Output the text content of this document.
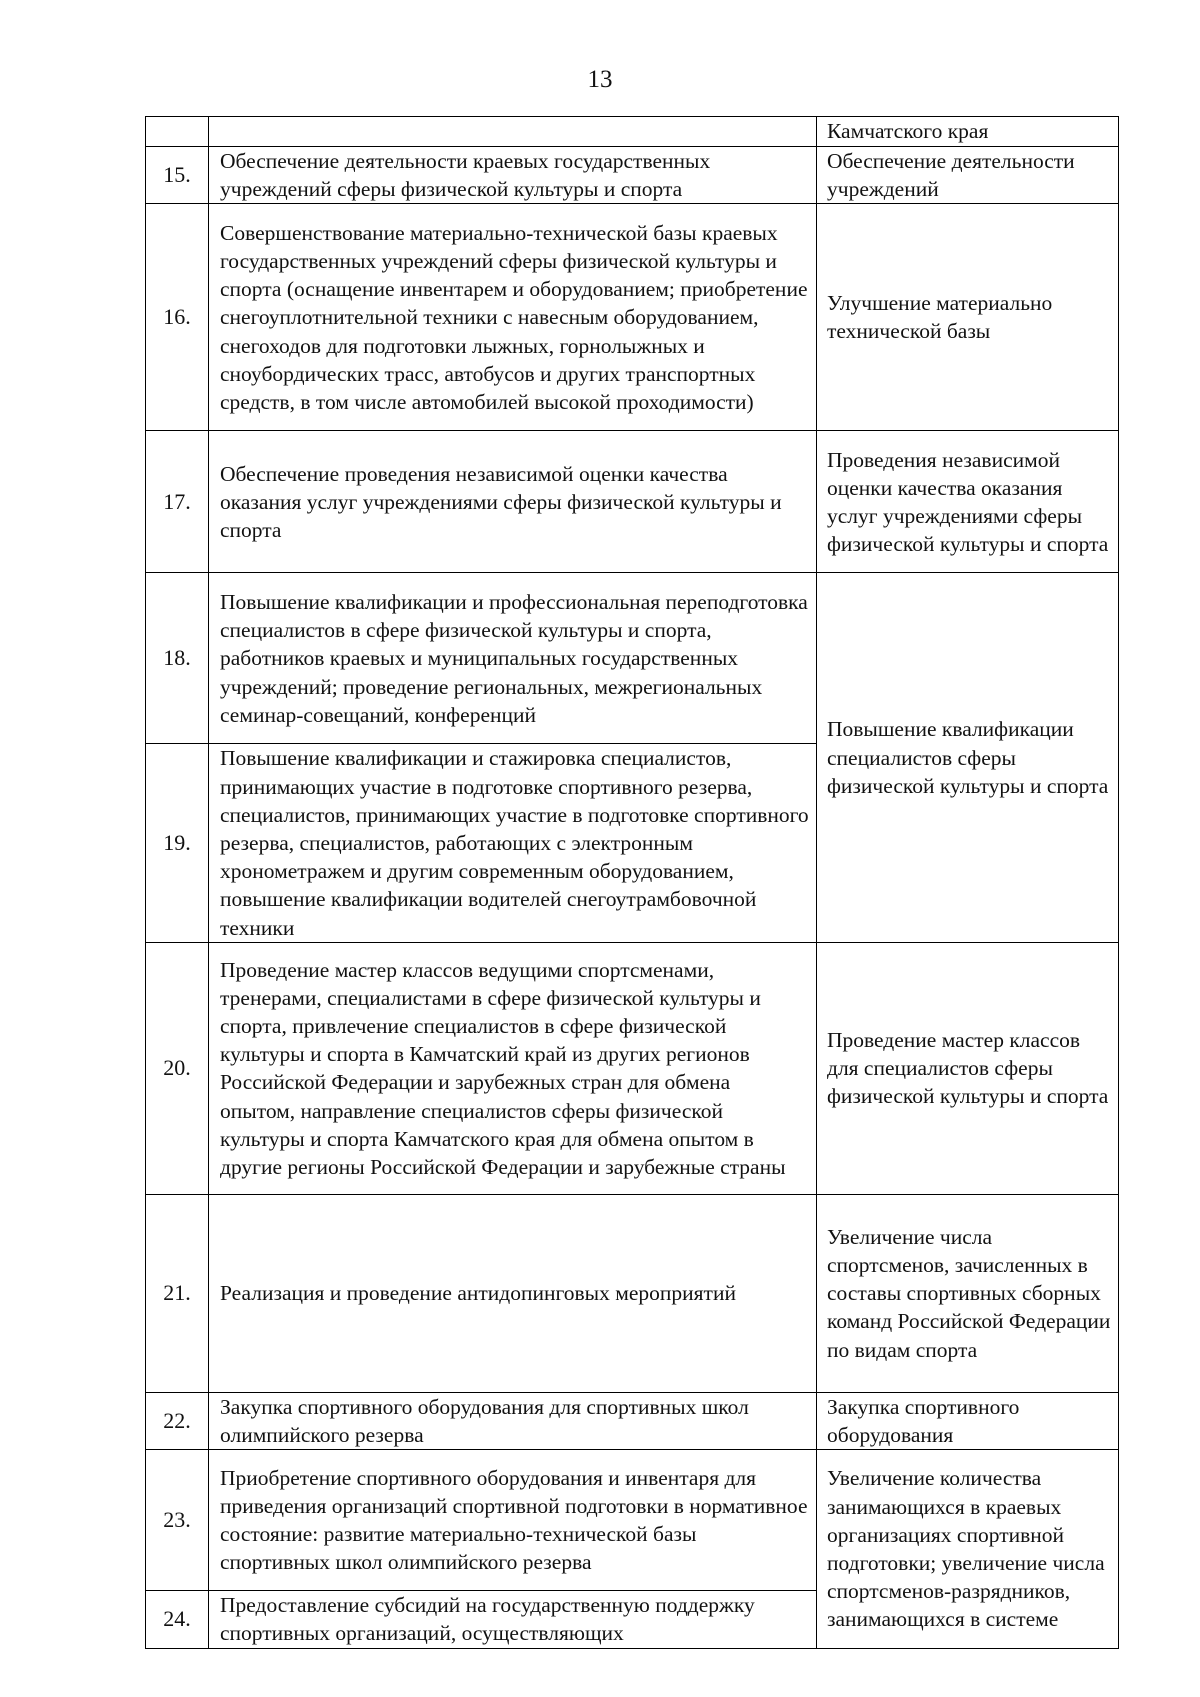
13
		Камчатского края
15.	Обеспечение деятельности краевых государственных учреждений сферы физической культуры и спорта	Обеспечение деятельности учреждений
16.	Совершенствование материально-технической базы краевых государственных учреждений сферы физической культуры и спорта (оснащение инвентарем и оборудованием; приобретение снегоуплотнительной техники с навесным оборудованием, снегоходов для подготовки лыжных, горнолыжных и сноубордических трасс, автобусов и других транспортных средств, в том числе автомобилей высокой проходимости)	Улучшение материально технической базы
17.	Обеспечение проведения независимой оценки качества оказания услуг учреждениями сферы физической культуры и спорта	Проведения независимой оценки качества оказания услуг учреждениями сферы физической культуры и спорта
18.	Повышение квалификации и профессиональная переподготовка специалистов в сфере физической культуры и спорта, работников краевых и муниципальных государственных учреждений; проведение региональных, межрегиональных семинар-совещаний, конференций	Повышение квалификации специалистов сферы физической культуры и спорта
19.	Повышение квалификации и стажировка специалистов, принимающих участие в подготовке спортивного резерва, специалистов, принимающих участие в подготовке спортивного резерва, специалистов, работающих с электронным хронометражем и другим современным оборудованием, повышение квалификации водителей снегоутрамбовочной техники	
20.	Проведение мастер классов ведущими спортсменами, тренерами, специалистами в сфере физической культуры и спорта, привлечение специалистов в сфере физической культуры и спорта в Камчатский край из других регионов Российской Федерации и зарубежных стран для обмена опытом, направление специалистов сферы физической культуры и спорта Камчатского края для обмена опытом в другие регионы Российской Федерации и зарубежные страны	Проведение мастер классов для специалистов сферы физической культуры и спорта
21.	Реализация и проведение антидопинговых мероприятий	Увеличение числа спортсменов, зачисленных в составы спортивных сборных команд Российской Федерации по видам спорта
22.	Закупка спортивного оборудования для спортивных школ олимпийского резерва	Закупка спортивного оборудования
23.	Приобретение спортивного оборудования и инвентаря для приведения организаций спортивной подготовки в нормативное состояние: развитие материально-технической базы спортивных школ олимпийского резерва	Увеличение количества занимающихся в краевых организациях спортивной подготовки; увеличение числа спортсменов-разрядников, занимающихся в системе
24.	Предоставление субсидий на государственную поддержку спортивных организаций, осуществляющих	
